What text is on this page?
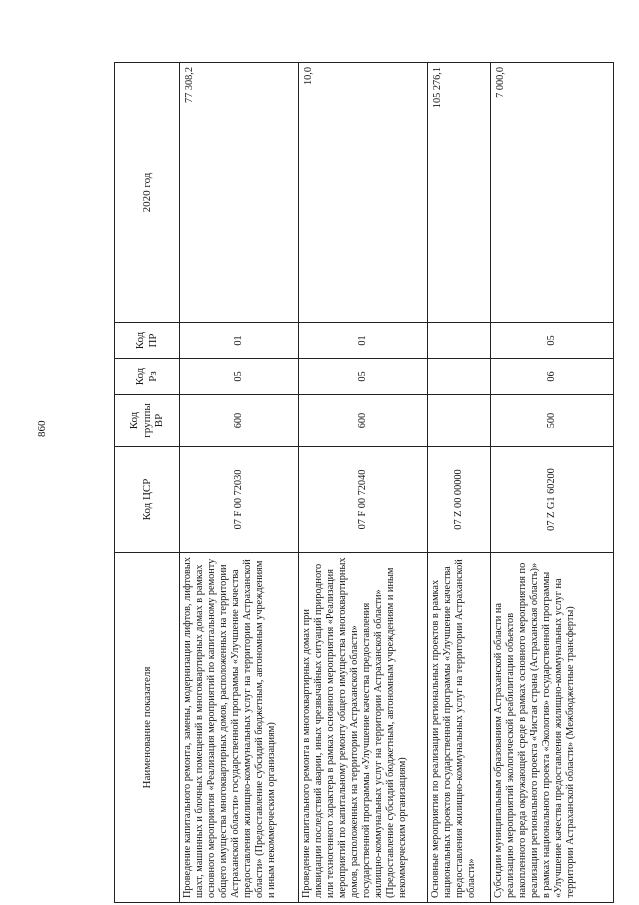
860
Наименование показателя	Код ЦСР	Код группы ВР	Код Рз	Код ПР	2020 год
Проведение капитального ремонта, замены, модернизации лифтов, лифтовых шахт, машинных и блочных помещений в многоквартирных домах в рамках основного мероприятия «Реализация мероприятий по капитальному ремонту общего имущества многоквартирных домов, расположенных на территории Астраханской области» государственной программы «Улучшение качества предоставления жилищно-коммунальных услуг на территории Астраханской области» (Предоставление субсидий бюджетным, автономным учреждениям и иным некоммерческим организациям)	07 F 00 72030	600	05	01	77 308,2
Проведение капитального ремонта в многоквартирных домах при ликвидации последствий аварии, иных чрезвычайных ситуаций природного или техногенного характера в рамках основного мероприятия «Реализация мероприятий по капитальному ремонту общего имущества многоквартирных домов, расположенных на территории Астраханской области» государственной программы «Улучшение качества предоставления жилищно-коммунальных услуг на территории Астраханской области» (Предоставление субсидий бюджетным, автономным учреждениям и иным некоммерческим организациям)	07 F 00 72040	600	05	01	10,0
Основные мероприятия по реализации региональных проектов в рамках национальных проектов государственной программы «Улучшение качества предоставления жилищно-коммунальных услуг на территории Астраханской области»	07 Z 00 00000				105 276,1
Субсидии муниципальным образованиям Астраханской области на реализацию мероприятий экологической реабилитации объектов накопленного вреда окружающей среде в рамках основного мероприятия по реализации регионального проекта «Чистая страна (Астраханская область)» в рамках национального проекта «Экология» государственной программы «Улучшение качества предоставления жилищно-коммунальных услуг на территории Астраханской области» (Межбюджетные трансферты)	07 Z G1 60200	500	06	05	7 000,0
